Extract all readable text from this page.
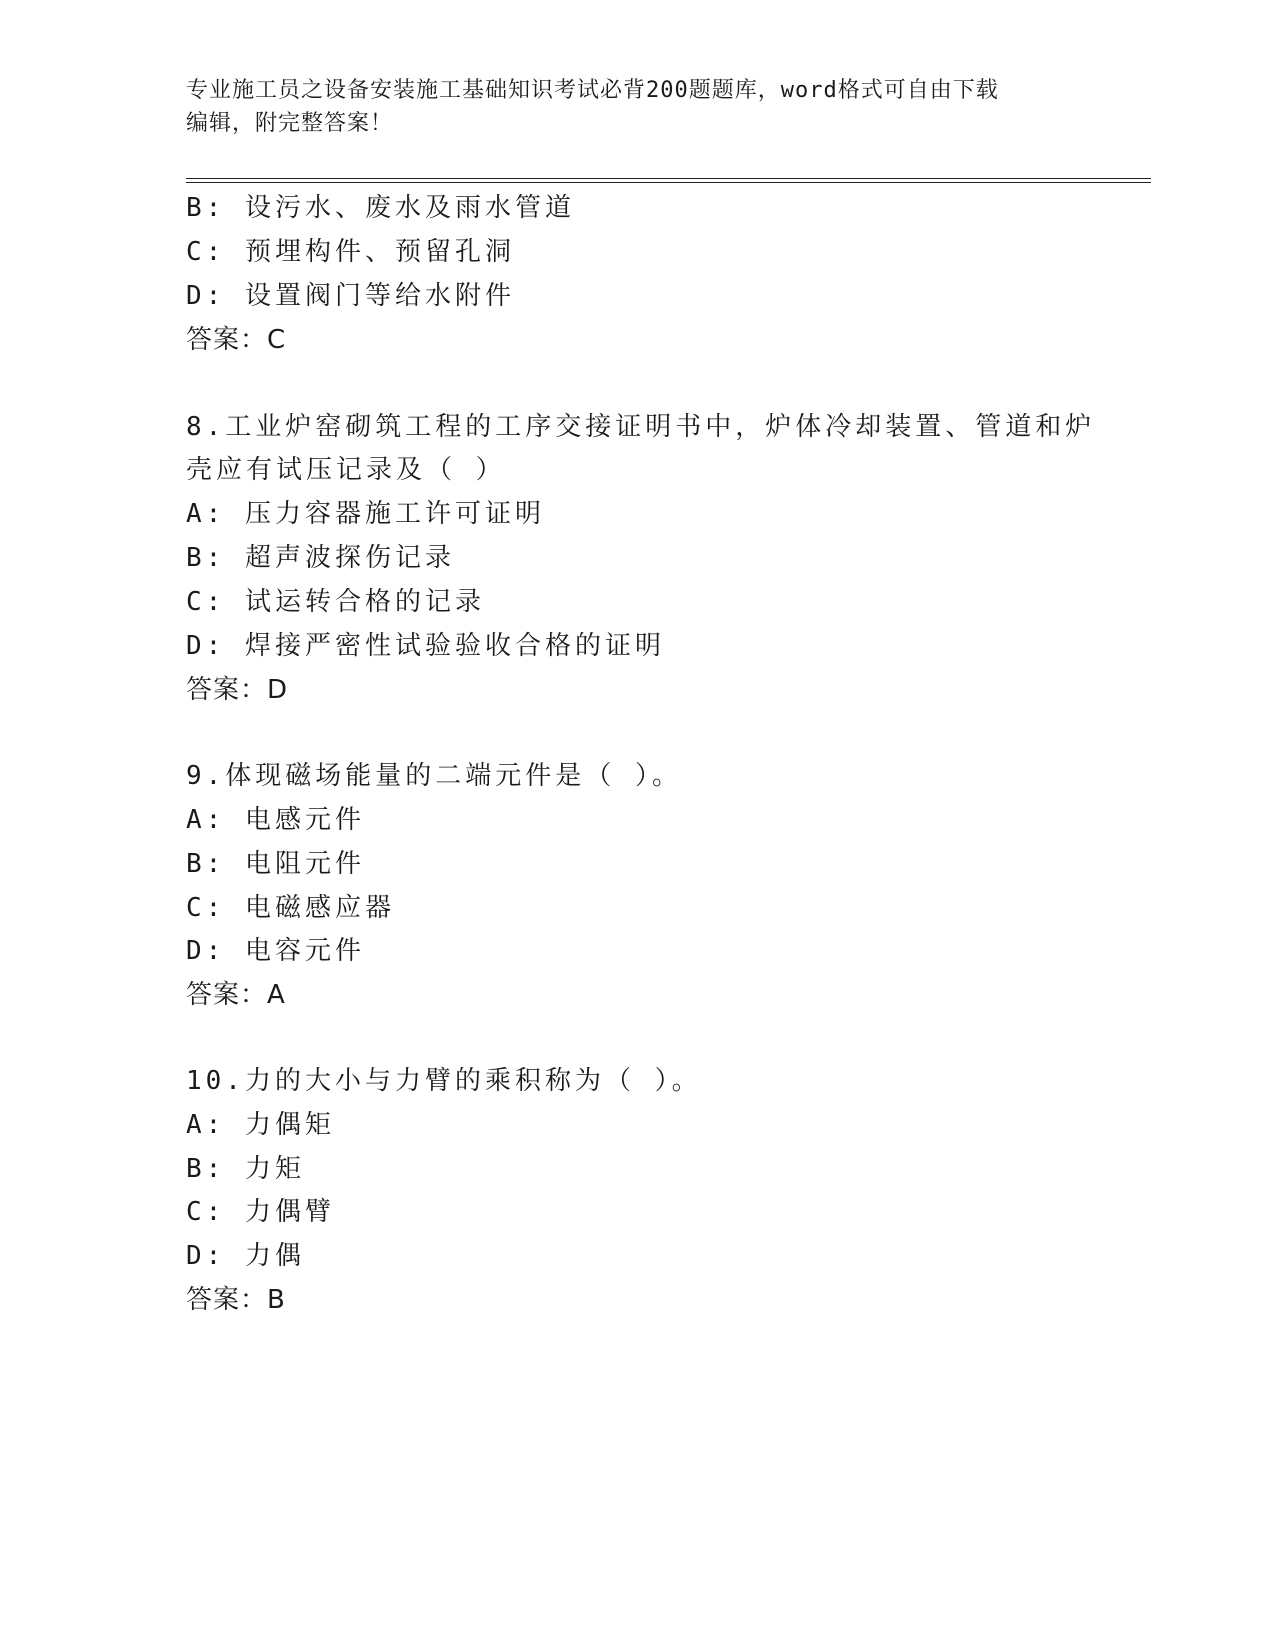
专业施工员之设备安装施工基础知识考试必背200题题库，word格式可自由下载
编辑，附完整答案！
B: 设污水、废水及雨水管道
C: 预埋构件、预留孔洞
D: 设置阀门等给水附件
答案：C
8.工业炉窑砌筑工程的工序交接证明书中，炉体冷却装置、管道和炉
壳应有试压记录及（ ）
A: 压力容器施工许可证明
B: 超声波探伤记录
C: 试运转合格的记录
D: 焊接严密性试验验收合格的证明
答案：D
9.体现磁场能量的二端元件是（ ）。
A: 电感元件
B: 电阻元件
C: 电磁感应器
D: 电容元件
答案：A
10.力的大小与力臂的乘积称为（ ）。
A: 力偶矩
B: 力矩
C: 力偶臂
D: 力偶
答案：B
